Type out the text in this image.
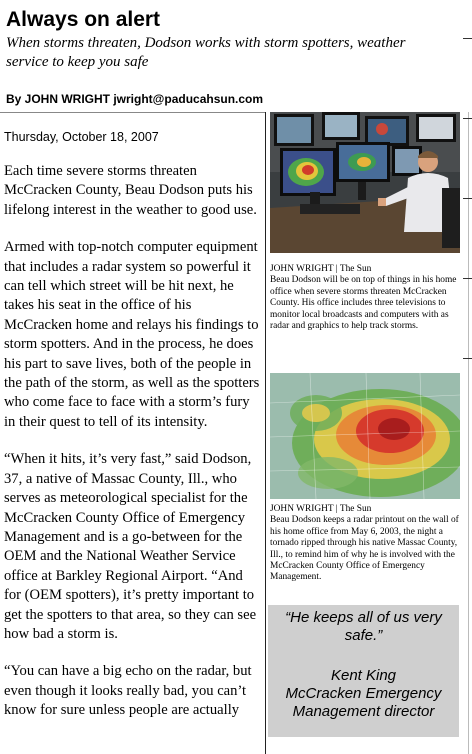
Always on alert
When storms threaten, Dodson works with storm spotters, weather service to keep you safe
By JOHN WRIGHT jwright@paducahsun.com
Thursday, October 18, 2007

Each time severe storms threaten McCracken County, Beau Dodson puts his lifelong interest in the weather to good use.

Armed with top-notch computer equipment that includes a radar system so powerful it can tell which street will be hit next, he takes his seat in the office of his McCracken home and relays his findings to storm spotters. And in the process, he does his part to save lives, both of the people in the path of the storm, as well as the spotters who come face to face with a storm’s fury in their quest to tell of its intensity.

“When it hits, it’s very fast,” said Dodson, 37, a native of Massac County, Ill., who serves as meteorological specialist for the McCracken County Office of Emergency Management and is a go-between for the OEM and the National Weather Service office at Barkley Regional Airport. “And for (OEM spotters), it’s pretty important to get the spotters to that area, so they can see how bad a storm is.

“You can have a big echo on the radar, but even though it looks really bad, you can’t know for sure unless people are actually

JOHN WRIGHT | The Sun
Beau Dodson will be on top of things in his home office when severe storms threaten McCracken County. His office includes three televisions to monitor local broadcasts and computers with as radar and graphics to help track storms.
JOHN WRIGHT | The Sun
Beau Dodson keeps a radar printout on the wall of his home office from May 6, 2003, the night a tornado ripped through his native Massac County, Ill., to remind him of why he is involved with the McCracken County Office of Emergency Management.

“He keeps all of us very safe.”

Kent King

McCracken Emergency Management director
